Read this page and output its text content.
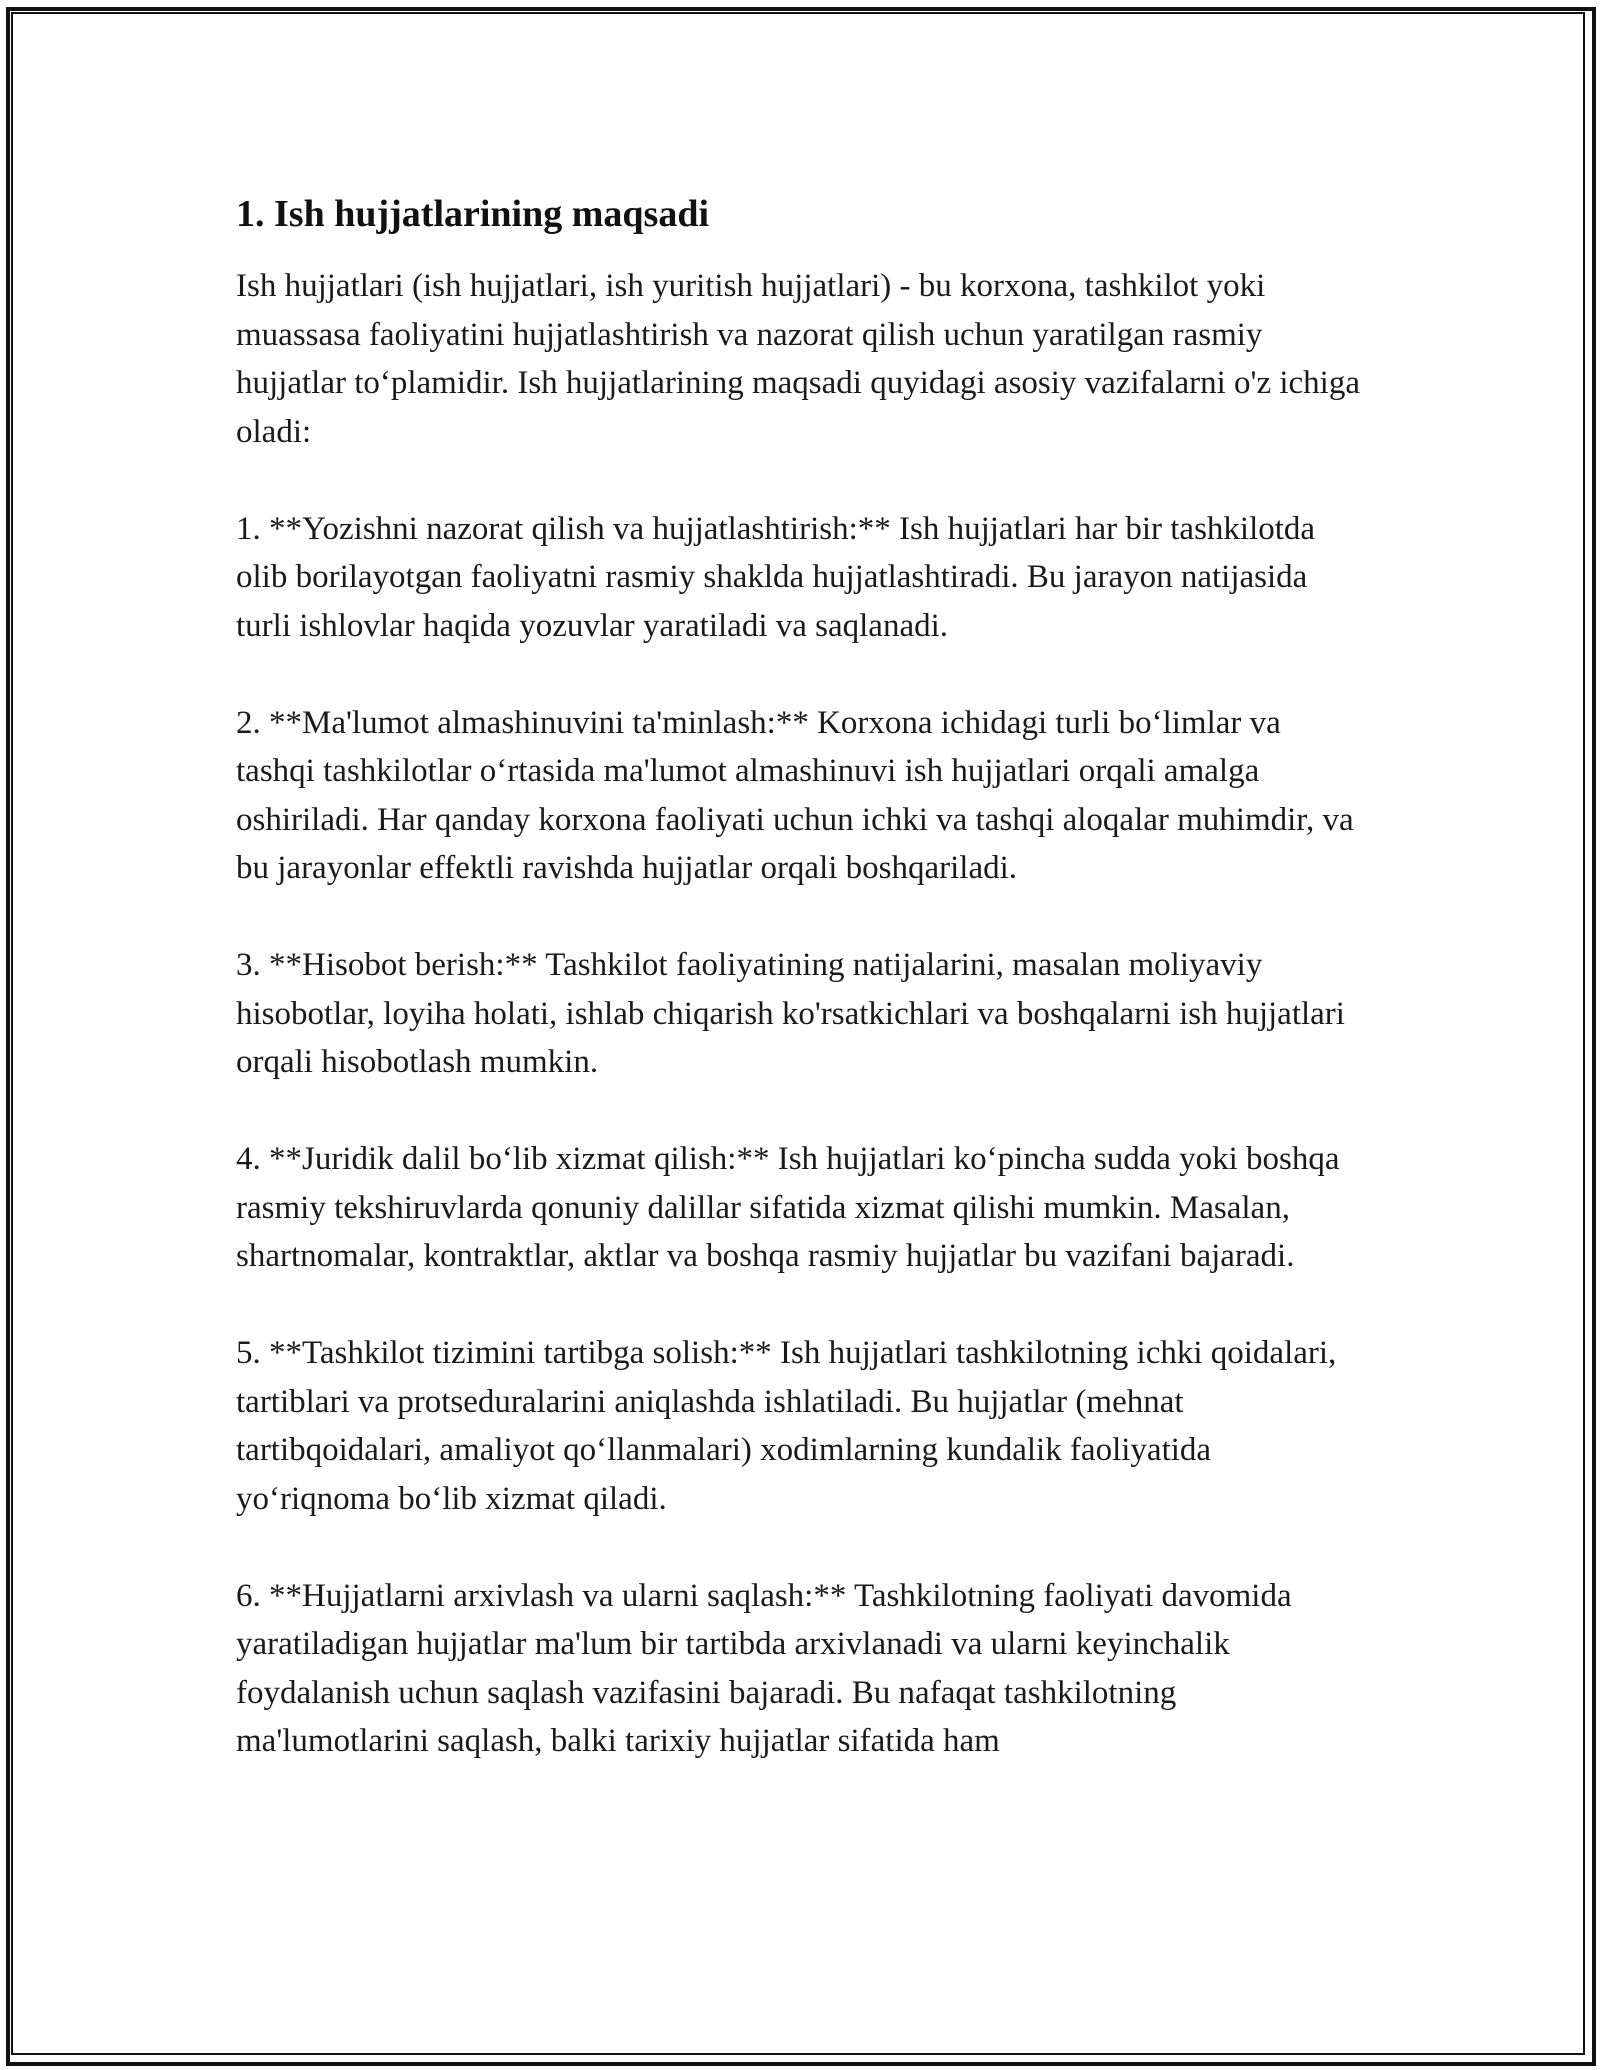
1. Ish hujjatlarining maqsadi

Ish hujjatlari (ish hujjatlari, ish yuritish hujjatlari) - bu korxona, tashkilot yoki muassasa faoliyatini hujjatlashtirish va nazorat qilish uchun yaratilgan rasmiy hujjatlar to‘plamidir. Ish hujjatlarining maqsadi quyidagi asosiy vazifalarni o'z ichiga oladi:

1. **Yozishni nazorat qilish va hujjatlashtirish:** Ish hujjatlari har bir tashkilotda olib borilayotgan faoliyatni rasmiy shaklda hujjatlashtiradi. Bu jarayon natijasida turli ishlovlar haqida yozuvlar yaratiladi va saqlanadi.

2. **Ma'lumot almashinuvini ta'minlash:** Korxona ichidagi turli bo‘limlar va tashqi tashkilotlar o‘rtasida ma'lumot almashinuvi ish hujjatlari orqali amalga oshiriladi. Har qanday korxona faoliyati uchun ichki va tashqi aloqalar muhimdir, va bu jarayonlar effektli ravishda hujjatlar orqali boshqariladi.

3. **Hisobot berish:** Tashkilot faoliyatining natijalarini, masalan moliyaviy hisobotlar, loyiha holati, ishlab chiqarish ko'rsatkichlari va boshqalarni ish hujjatlari orqali hisobotlash mumkin.

4. **Juridik dalil bo‘lib xizmat qilish:** Ish hujjatlari ko‘pincha sudda yoki boshqa rasmiy tekshiruvlarda qonuniy dalillar sifatida xizmat qilishi mumkin. Masalan, shartnomalar, kontraktlar, aktlar va boshqa rasmiy hujjatlar bu vazifani bajaradi.

5. **Tashkilot tizimini tartibga solish:** Ish hujjatlari tashkilotning ichki qoidalari, tartiblari va protseduralarini aniqlashda ishlatiladi. Bu hujjatlar (mehnat tartibqoidalari, amaliyot qo‘llanmalari) xodimlarning kundalik faoliyatida yo‘riqnoma bo‘lib xizmat qiladi.

6. **Hujjatlarni arxivlash va ularni saqlash:** Tashkilotning faoliyati davomida yaratiladigan hujjatlar ma'lum bir tartibda arxivlanadi va ularni keyinchalik foydalanish uchun saqlash vazifasini bajaradi. Bu nafaqat tashkilotning ma'lumotlarini saqlash, balki tarixiy hujjatlar sifatida ham
